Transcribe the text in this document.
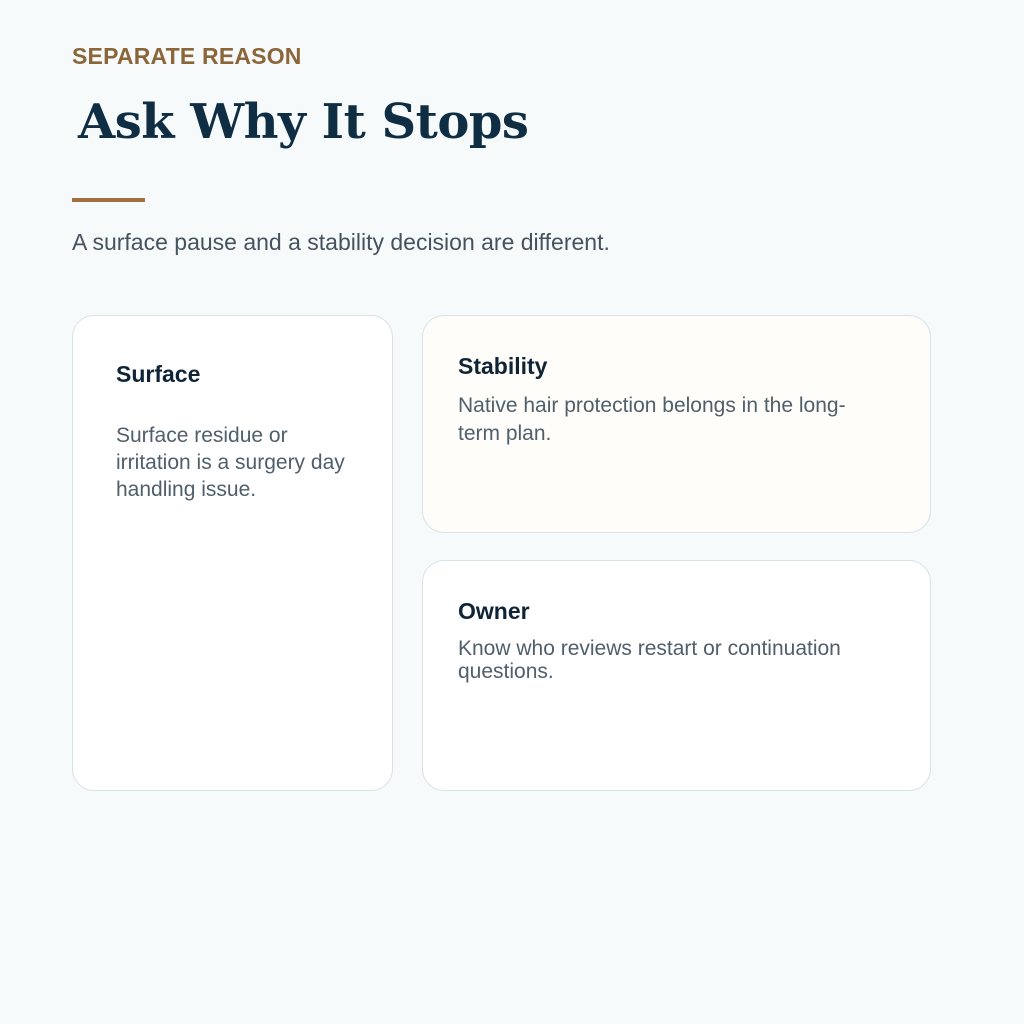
SEPARATE REASON
Ask Why It Stops
A surface pause and a stability decision are different.
Surface
Surface residue or irritation is a surgery day handling issue.
Stability
Native hair protection belongs in the long-term plan.
Owner
Know who reviews restart or continuation questions.
